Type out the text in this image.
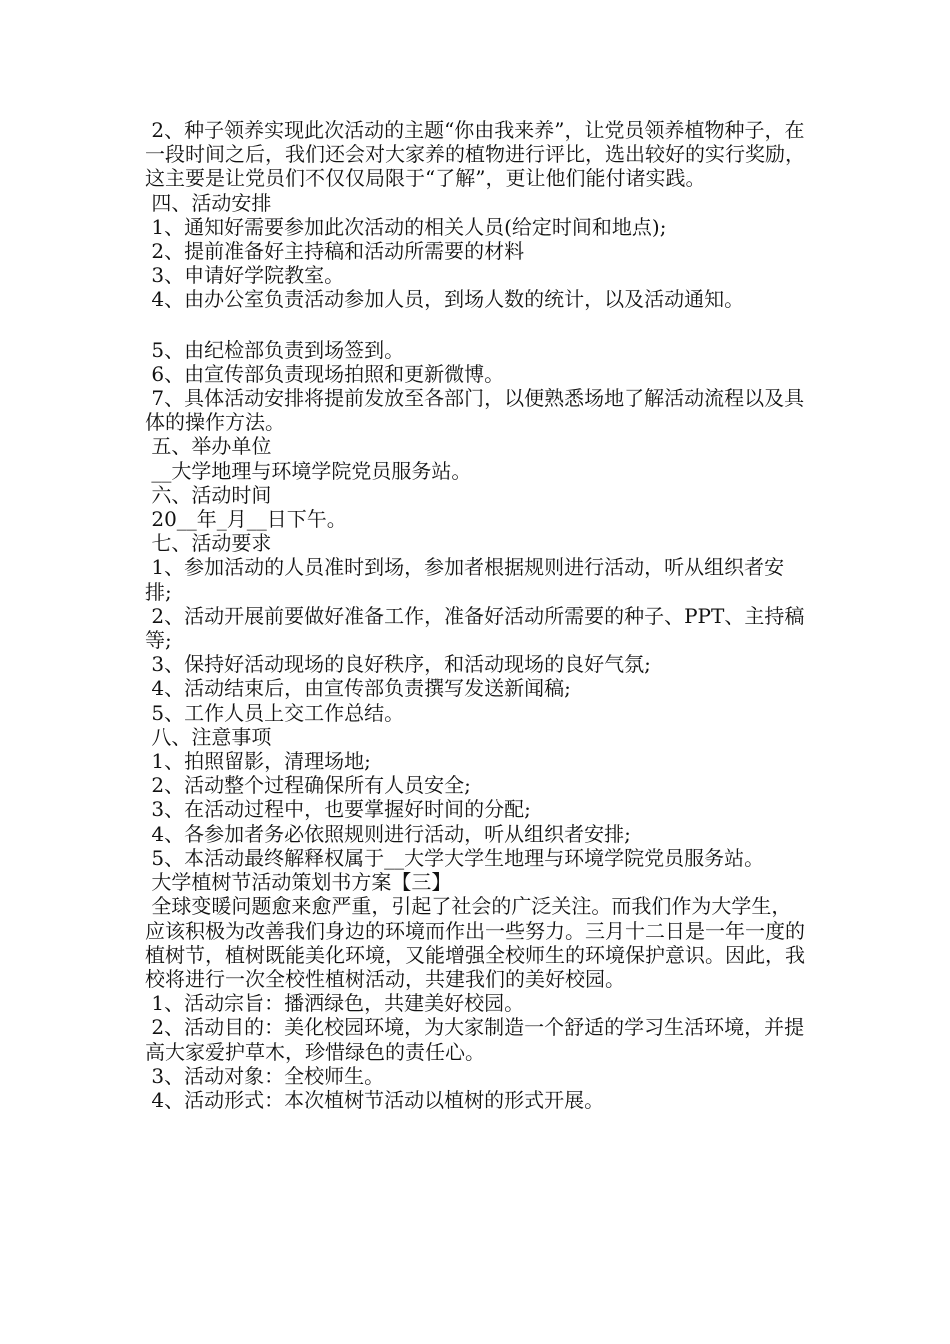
2、种子领养实现此次活动的主题“你由我来养”，让党员领养植物种子，在一段时间之后，我们还会对大家养的植物进行评比，选出较好的实行奖励，这主要是让党员们不仅仅局限于“了解”，更让他们能付诸实践。

四、活动安排

1、通知好需要参加此次活动的相关人员(给定时间和地点);

2、提前准备好主持稿和活动所需要的材料

3、申请好学院教室。

4、由办公室负责活动参加人员，到场人数的统计，以及活动通知。

5、由纪检部负责到场签到。

6、由宣传部负责现场拍照和更新微博。

7、具体活动安排将提前发放至各部门，以便熟悉场地了解活动流程以及具体的操作方法。

五、举办单位

__大学地理与环境学院党员服务站。

六、活动时间

20__年_月__日下午。

七、活动要求

1、参加活动的人员准时到场，参加者根据规则进行活动，听从组织者安排;

2、活动开展前要做好准备工作，准备好活动所需要的种子、PPT、主持稿等;

3、保持好活动现场的良好秩序，和活动现场的良好气氛;

4、活动结束后，由宣传部负责撰写发送新闻稿;

5、工作人员上交工作总结。

八、注意事项

1、拍照留影，清理场地;

2、活动整个过程确保所有人员安全;

3、在活动过程中，也要掌握好时间的分配;

4、各参加者务必依照规则进行活动，听从组织者安排;

5、本活动最终解释权属于__大学大学生地理与环境学院党员服务站。

大学植树节活动策划书方案【三】

全球变暖问题愈来愈严重，引起了社会的广泛关注。而我们作为大学生，应该积极为改善我们身边的环境而作出一些努力。三月十二日是一年一度的植树节，植树既能美化环境，又能增强全校师生的环境保护意识。因此，我校将进行一次全校性植树活动，共建我们的美好校园。

1、活动宗旨：播洒绿色，共建美好校园。

2、活动目的：美化校园环境，为大家制造一个舒适的学习生活环境，并提高大家爱护草木，珍惜绿色的责任心。

3、活动对象：全校师生。

4、活动形式：本次植树节活动以植树的形式开展。
